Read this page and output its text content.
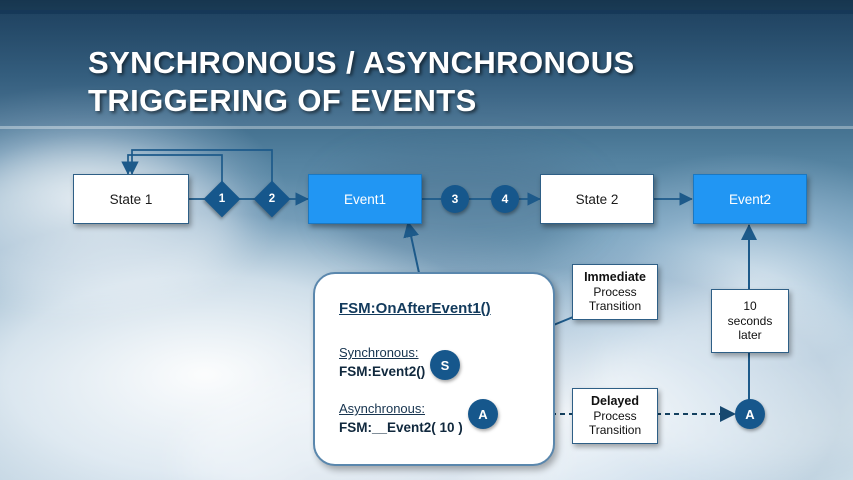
SYNCHRONOUS / ASYNCHRONOUS
TRIGGERING OF EVENTS
State 1	1	2	Event1	3	4	State 2	Event2
FSM:OnAfterEvent1()
Synchronous:
FSM:Event2()
Asynchronous:
FSM:__Event2( 10 )
S
A	A
Immediate
Process
Transition	10
seconds
later
Delayed
Process
Transition
